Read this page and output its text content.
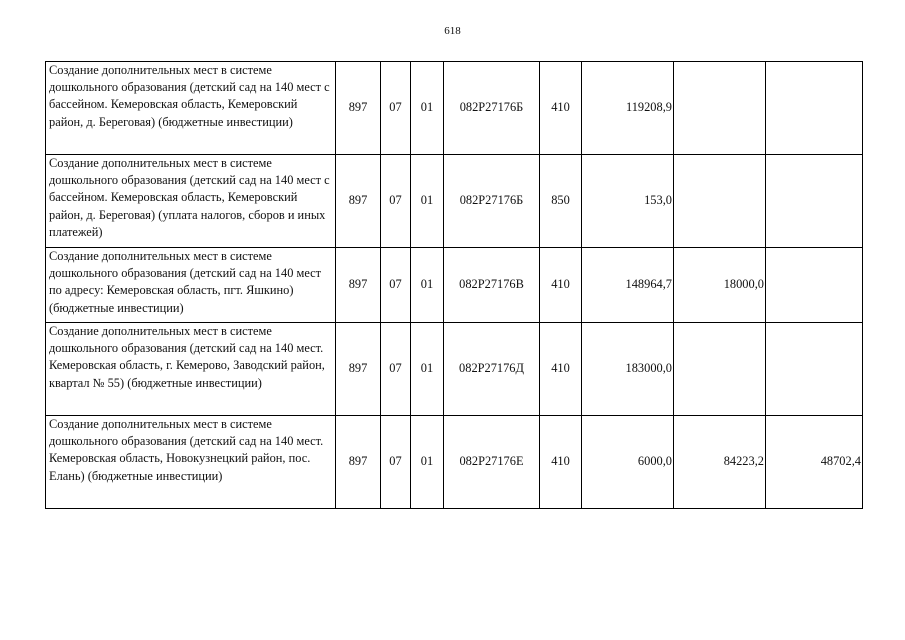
618
Создание дополнительных мест в системе дошкольного образования (детский сад на 140 мест с бассейном. Кемеровская область, Кемеровский район, д. Береговая) (бюджетные инвестиции)	897	07	01	082Р27176Б	410	119208,9		
Создание дополнительных мест в системе дошкольного образования (детский сад на 140 мест с бассейном. Кемеровская область, Кемеровский район, д. Береговая) (уплата налогов, сборов и иных платежей)	897	07	01	082Р27176Б	850	153,0		
Создание дополнительных мест в системе дошкольного образования (детский сад на 140 мест по адресу: Кемеровская область, пгт. Яшкино) (бюджетные инвестиции)	897	07	01	082Р27176В	410	148964,7	18000,0	
Создание дополнительных мест в системе дошкольного образования (детский сад на 140 мест. Кемеровская область, г. Кемерово, Заводский район, квартал № 55) (бюджетные инвестиции)	897	07	01	082Р27176Д	410	183000,0		
Создание дополнительных мест в системе дошкольного образования (детский сад на 140 мест. Кемеровская область, Новокузнецкий район, пос. Елань) (бюджетные инвестиции)	897	07	01	082Р27176Е	410	6000,0	84223,2	48702,4
